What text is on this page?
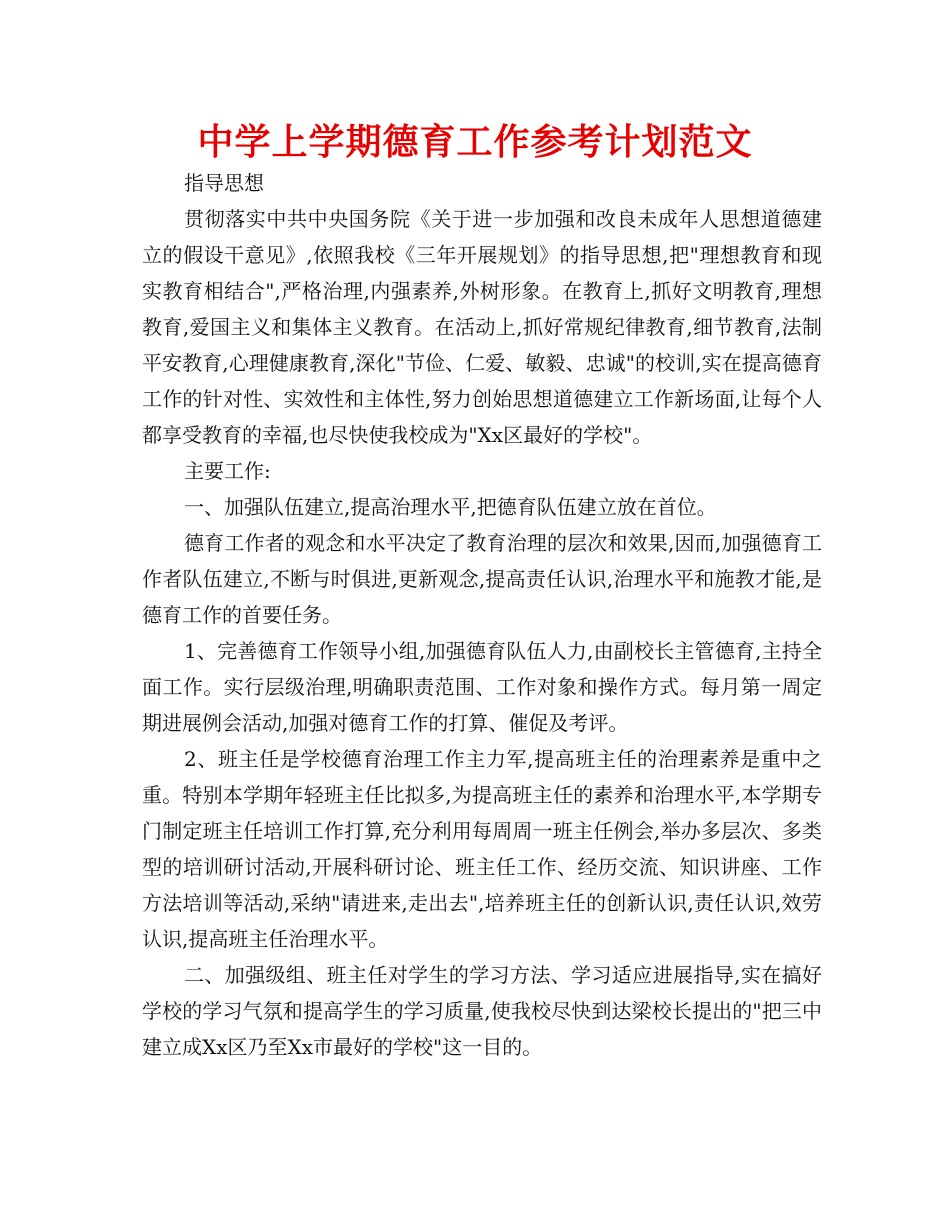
中学上学期德育工作参考计划范文

指导思想

贯彻落实中共中央国务院《关于进一步加强和改良未成年人思想道德建立的假设干意见》,依照我校《三年开展规划》的指导思想,把"理想教育和现实教育相结合",严格治理,内强素养,外树形象。在教育上,抓好文明教育,理想教育,爱国主义和集体主义教育。在活动上,抓好常规纪律教育,细节教育,法制平安教育,心理健康教育,深化"节俭、仁爱、敏毅、忠诚"的校训,实在提高德育工作的针对性、实效性和主体性,努力创始思想道德建立工作新场面,让每个人都享受教育的幸福,也尽快使我校成为"Xx区最好的学校"。

主要工作:

一、加强队伍建立,提高治理水平,把德育队伍建立放在首位。

德育工作者的观念和水平决定了教育治理的层次和效果,因而,加强德育工作者队伍建立,不断与时俱进,更新观念,提高责任认识,治理水平和施教才能,是德育工作的首要任务。

1、完善德育工作领导小组,加强德育队伍人力,由副校长主管德育,主持全面工作。实行层级治理,明确职责范围、工作对象和操作方式。每月第一周定期进展例会活动,加强对德育工作的打算、催促及考评。

2、班主任是学校德育治理工作主力军,提高班主任的治理素养是重中之重。特别本学期年轻班主任比拟多,为提高班主任的素养和治理水平,本学期专门制定班主任培训工作打算,充分利用每周周一班主任例会,举办多层次、多类型的培训研讨活动,开展科研讨论、班主任工作、经历交流、知识讲座、工作方法培训等活动,采纳"请进来,走出去",培养班主任的创新认识,责任认识,效劳认识,提高班主任治理水平。

二、加强级组、班主任对学生的学习方法、学习适应进展指导,实在搞好学校的学习气氛和提高学生的学习质量,使我校尽快到达梁校长提出的"把三中建立成Xx区乃至Xx市最好的学校"这一目的。
